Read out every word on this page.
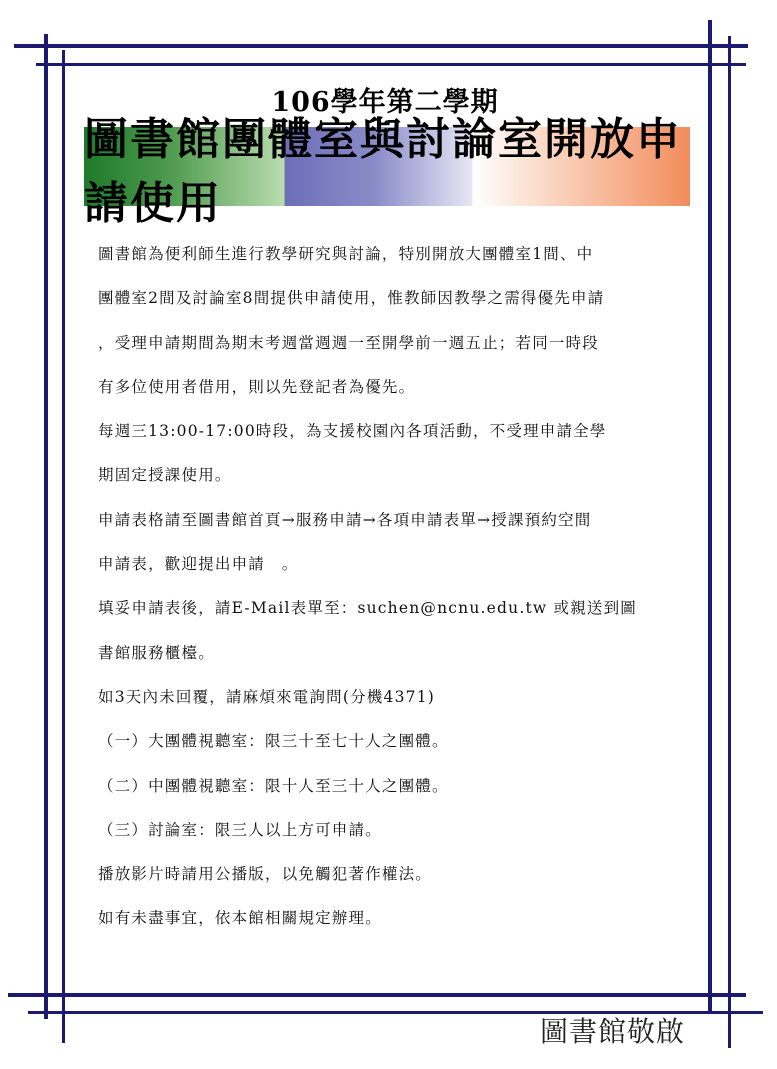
106學年第二學期
圖書館團體室與討論室開放申請使用

圖書館為便利師生進行教學研究與討論，特別開放大團體室1間、中
團體室2間及討論室8間提供申請使用，惟教師因教學之需得優先申請
，受理申請期間為期末考週當週週一至開學前一週五止；若同一時段
有多位使用者借用，則以先登記者為優先。

每週三13:00-17:00時段，為支援校園內各項活動，不受理申請全學
期固定授課使用。

申請表格請至圖書館首頁→服務申請→各項申請表單→授課預約空間
申請表，歡迎提出申請　。

填妥申請表後，請E-Mail表單至：suchen@ncnu.edu.tw 或親送到圖
書館服務櫃檯。

如3天內未回覆，請麻煩來電詢問(分機4371)

（一）大團體視聽室：限三十至七十人之團體。

（二）中團體視聽室：限十人至三十人之團體。

（三）討論室：限三人以上方可申請。

播放影片時請用公播版，以免觸犯著作權法。

如有未盡事宜，依本館相關規定辦理。

圖書館敬啟
